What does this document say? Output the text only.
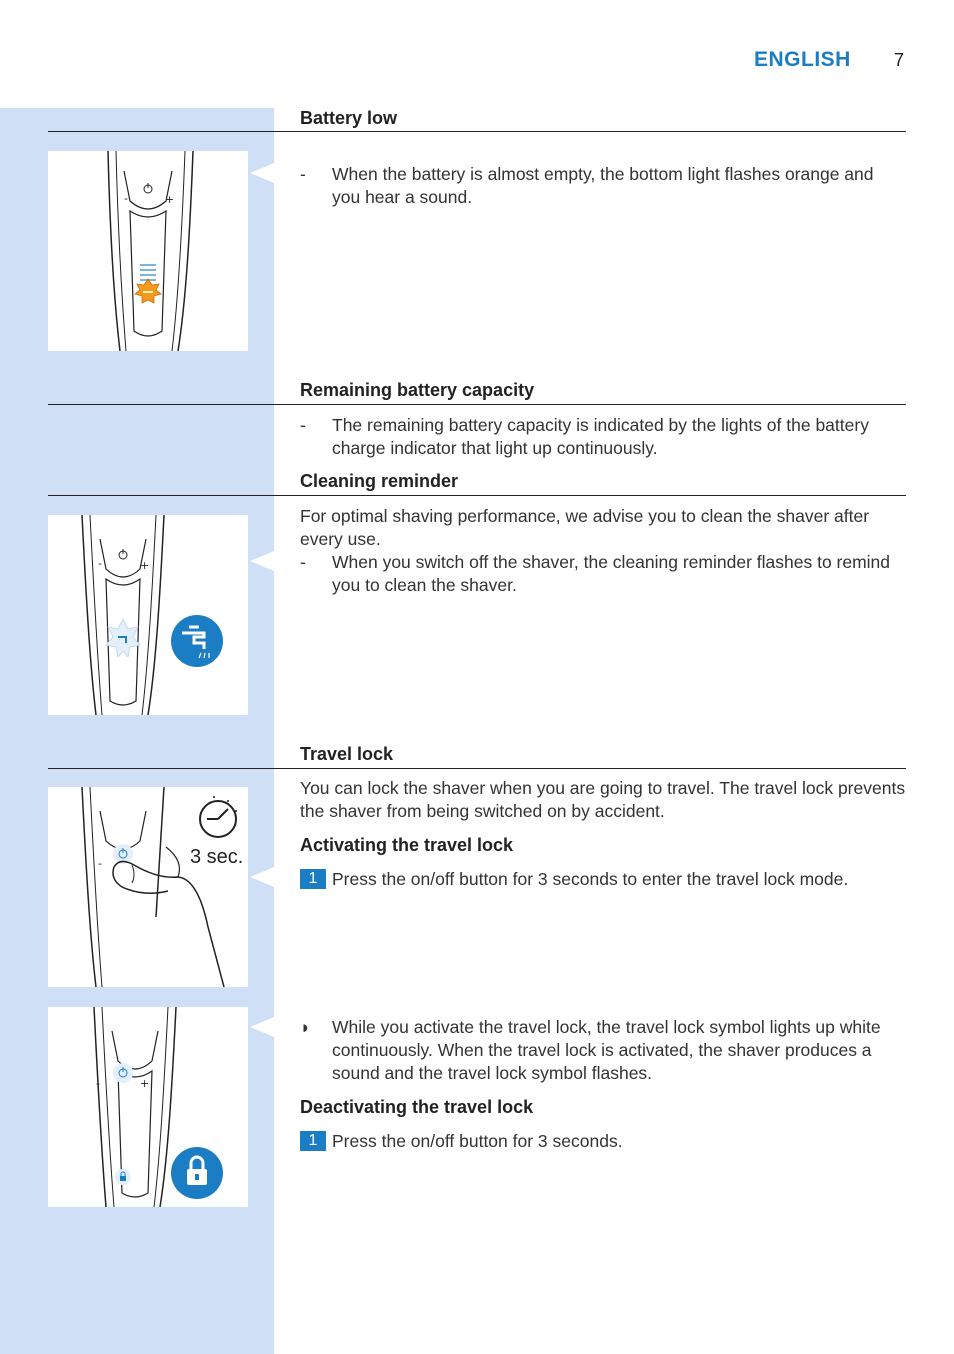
ENGLISH 7
Battery low
- When the battery is almost empty, the bottom light flashes orange and you hear a sound.
-	+
Remaining battery capacity
- The remaining battery capacity is indicated by the lights of the battery charge indicator that light up continuously.
Cleaning reminder
For optimal shaving performance, we advise you to clean the shaver after every use.
- When you switch off the shaver, the cleaning reminder flashes to remind you to clean the shaver.
-	+
Travel lock
You can lock the shaver when you are going to travel. The travel lock prevents the shaver from being switched on by accident.
Activating the travel lock
1 Press the on/off button for 3 seconds to enter the travel lock mode.
-	3 sec.
◗ While you activate the travel lock, the travel lock symbol lights up white continuously. When the travel lock is activated, the shaver produces a sound and the travel lock symbol flashes.
Deactivating the travel lock
1 Press the on/off button for 3 seconds.
-	+
